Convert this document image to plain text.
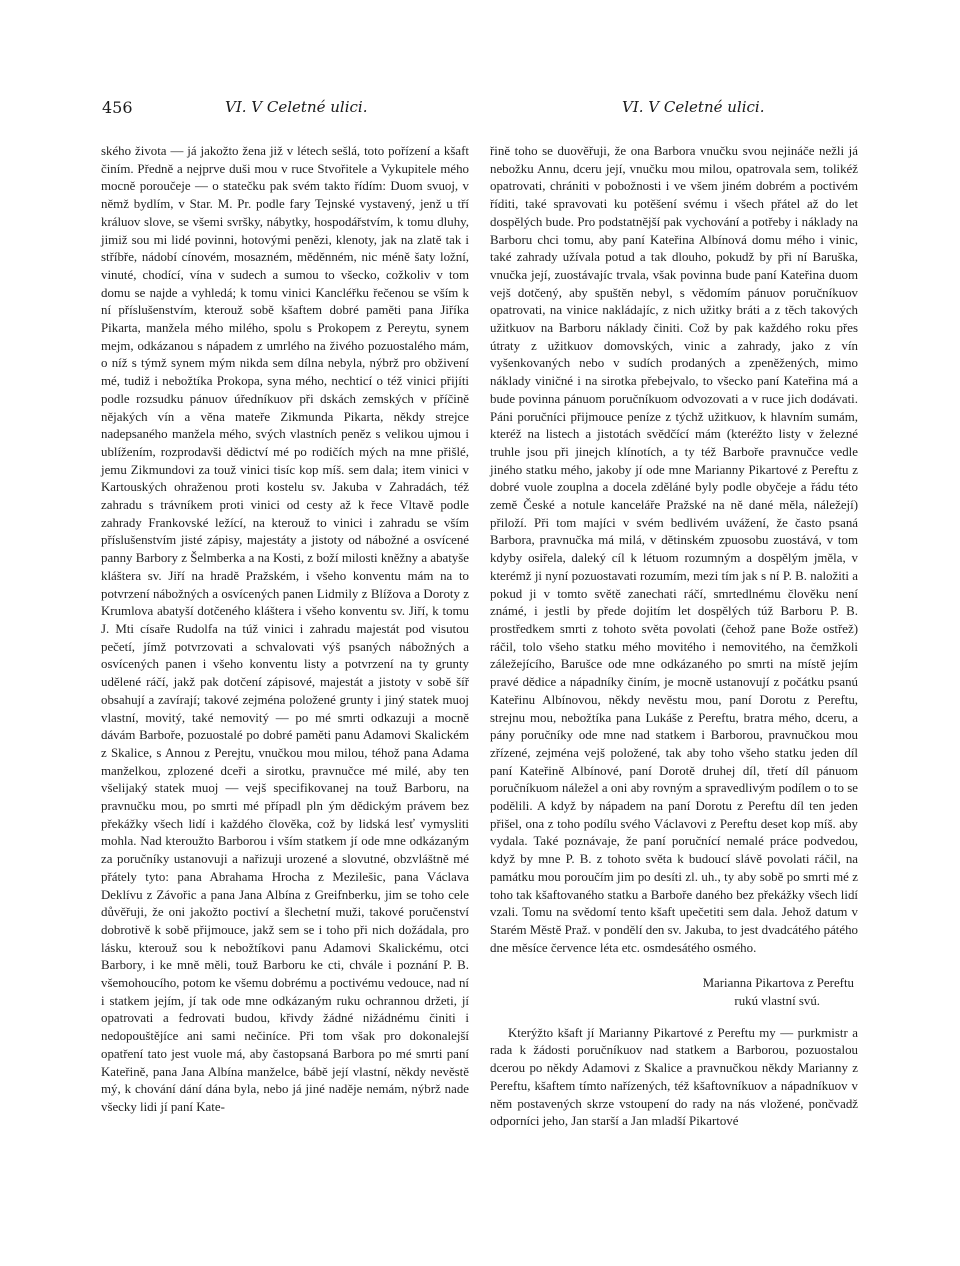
456	VI. V Celetné ulici.	VI. V Celetné ulici.

ského života — já jakožto žena již v létech sešlá, toto pořízení a kšaft činím. Předně a nejprve duši mou v ruce Stvořitele a Vykupitele mého mocně poroučeje — o statečku pak svém takto řídím: Duom svuoj, v němž bydlím, v Star. M. Pr. podle fary Tejnské vystavený, jenž u tří králuov slove, se všemi svršky, nábytky, hospodářstvím, k tomu dluhy, jimiž sou mi lidé povinni, hotovými penězi, klenoty, jak na zlatě tak i stříbře, nádobí cínovém, mosazném, měděnném, nic méně šaty ložní, vinuté, chodící, vína v sudech a sumou to všecko, cožkoliv v tom domu se najde a vyhledá; k tomu vinici Kancléřku řečenou se vším k ní příslušenstvím, kterouž sobě kšaftem dobré paměti pana Jiříka Pikarta, manžela mého milého, spolu s Prokopem z Pereytu, synem mejm, odkázanou s nápadem z umrlého na živého pozuostalého mám, o níž s týmž synem mým nikda sem dílna nebyla, nýbrž pro obživení mé, tudiž i nebožtíka Prokopa, syna mého, nechticí o též vinici přijíti podle rozsudku pánuov úředníkuov při dskách zemských v příčině nějakých vín a věna mateře Zikmunda Pikarta, někdy strejce nadepsaného manžela mého, svých vlastních peněz s velikou ujmou i ublížením, rozprodavši dědictví mé po rodičích mých na mne přišlé, jemu Zikmundovi za touž vinici tisíc kop míš. sem dala; item vinici v Kartouských ohraženou proti kostelu sv. Jakuba v Zahradách, též zahradu s trávníkem proti vinici od cesty až k řece Vltavě podle zahrady Frankovské ležící, na kterouž to vinici i zahradu se vším příslušenstvím jisté zápisy, majestáty a jistoty od nábožné a osvícené panny Barbory z Šelmberka a na Kosti, z boží milosti kněžny a abatyše kláštera sv. Jiří na hradě Pražském, i všeho konventu mám na to potvrzení nábožných a osvícených panen Lidmily z Blížova a Doroty z Krumlova abatyší dotčeného kláštera i všeho konventu sv. Jiří, k tomu J. Mti císaře Rudolfa na túž vinici i zahradu majestát pod visutou pečetí, jímž potvrzovati a schvalovati výš psaných nábožných a osvícených panen i všeho konventu listy a potvrzení na ty grunty udělené ráčí, jakž pak dotčení zápisové, majestát a jistoty v sobě šíř obsahují a zavírají; takové zejména položené grunty i jiný statek muoj vlastní, movitý, také nemovitý — po mé smrti odkazuji a mocně dávám Barboře, pozuostalé po dobré paměti panu Adamovi Skalickém z Skalice, s Annou z Perejtu, vnučkou mou milou, téhož pana Adama manželkou, zplozené dceři a sirotku, pravnučce mé milé, aby ten všelijaký statek muoj — vejš specifikovanej na touž Barboru, na pravnučku mou, po smrti mé případl pln ým dědickým právem bez překážky všech lidí i každého člověka, což by lidská lesť vymysliti mohla. Nad kteroužto Barborou i vším statkem jí ode mne odkázaným za poručníky ustanovuji a nařizuji urozené a slovutné, obzvláštně mé přátely tyto: pana Abrahama Hrocha z Mezilešic, pana Václava Deklívu z Závořic a pana Jana Albína z Greifnberku, jim se toho cele důvěřuji, že oni jakožto poctiví a šlechetní muži, takové poručenství dobrotivě k sobě přijmouce, jakž sem se i toho při nich dožádala, pro lásku, kterouž sou k nebožtíkovi panu Adamovi Skalickému, otci Barbory, i ke mně měli, touž Barboru ke cti, chvále i poznání P. B. všemohoucího, potom ke všemu dobrému a poctivému vedouce, nad ní i statkem jejím, jí tak ode mne odkázaným ruku ochrannou držeti, jí opatrovati a fedrovati budou, křivdy žádné nižádnému činiti i nedopouštějíce ani sami nečiníce. Při tom však pro dokonalejší opatření tato jest vuole má, aby častopsaná Barbora po mé smrti paní Kateřině, pana Jana Albína manželce, bábě její vlastní, někdy nevěstě mý, k chování dání dána byla, nebo já jiné naděje nemám, nýbrž nade všecky lidi jí paní Kate-

řině toho se duověřuji, že ona Barbora vnučku svou nejináče nežli já nebožku Annu, dceru její, vnučku mou milou, opatrovala sem, tolikéž opatrovati, chrániti v pobožnosti i ve všem jiném dobrém a poctivém říditi, také spravovati ku potěšení svému i všech přátel až do let dospělých bude. Pro podstatnější pak vychování a potřeby i náklady na Barboru chci tomu, aby paní Kateřina Albínová domu mého i vinic, také zahrady užívala potud a tak dlouho, pokudž by při ní Baruška, vnučka její, zuostávajíc trvala, však povinna bude paní Kateřina duom vejš dotčený, aby spuštěn nebyl, s vědomím pánuov poručníkuov opatrovati, na vinice nakládajíc, z nich užitky bráti a z těch takových užitkuov na Barboru náklady činiti. Což by pak každého roku přes útraty z užitkuov domovských, vinic a zahrady, jako z vín vyšenkovaných nebo v sudích prodaných a zpeněžených, mimo náklady viničné i na sirotka přebejvalo, to všecko paní Kateřina má a bude povinna pánuom poručníkuom odvozovati a v ruce jich dodávati. Páni poručníci přijmouce peníze z týchž užitkuov, k hlavním sumám, kteréž na listech a jistotách svědčící mám (kteréžto listy v železné truhle jsou při jinejch klínotích, a ty též Barboře pravnučce vedle jiného statku mého, jakoby jí ode mne Marianny Pikartové z Pereftu z dobré vuole zouplna a docela zděláné byly podle obyčeje a řádu této země České a notule kanceláře Pražské na ně dané měla, náležejí) přiloží. Při tom majíci v svém bedlivém uvážení, že často psaná Barbora, pravnučka má milá, v dětinském zpuosobu zuostává, v tom kdyby osiřela, daleký cíl k létuom rozumným a dospělým jměla, v kterémž ji nyní pozuostavati rozumím, mezi tím jak s ní P. B. naložiti a pokud ji v tomto světě zanechati ráčí, smrtedlnému člověku není známé, i jestli by přede dojitím let dospělých túž Barboru P. B. prostředkem smrti z tohoto světa povolati (čehož pane Bože ostřež) ráčil, tolo všeho statku mého movitého i nemovitého, na čemžkoli záležejícího, Barušce ode mne odkázaného po smrti na místě jejím pravé dědice a nápadníky činím, je mocně ustanovují z počátku psanú Kateřinu Albínovou, někdy nevěstu mou, paní Dorotu z Pereftu, strejnu mou, nebožtíka pana Lukáše z Pereftu, bratra mého, dceru, a pány poručníky ode mne nad statkem i Barborou, pravnučkou mou zřízené, zejména vejš položené, tak aby toho všeho statku jeden díl paní Kateřině Albínové, paní Dorotě druhej díl, třetí díl pánuom poručníkuom náležel a oni aby rovným a spravedlivým podílem o to se podělili. A když by nápadem na paní Dorotu z Pereftu díl ten jeden přišel, ona z toho podílu svého Václavovi z Pereftu deset kop míš. aby vydala. Také poznávaje, že paní poručnící nemalé práce podvedou, když by mne P. B. z tohoto světa k budoucí slávě povolati ráčil, na památku mou poroučím jim po desíti zl. uh., ty aby sobě po smrti mé z toho tak kšaftovaného statku a Barboře daného bez překážky všech lidí vzali. Tomu na svědomí tento kšaft upečetiti sem dala. Jehož datum v Starém Městě Praž. v pondělí den sv. Jakuba, to jest dvadcátého pátého dne měsíce července léta etc. osmdesátého osmého.

Marianna Pikartova z Pereftu
rukú vlastní svú.

Kterýžto kšaft jí Marianny Pikartové z Pereftu my — purkmistr a rada k žádosti poručníkuov nad statkem a Barborou, pozuostalou dcerou po někdy Adamovi z Skalice a pravnučkou někdy Marianny z Pereftu, kšaftem tímto nařízených, též kšaftovníkuov a nápadníkuov v něm postavených skrze vstoupení do rady na nás vložené, pončvadž odporníci jeho, Jan starší a Jan mladší Pikartové
